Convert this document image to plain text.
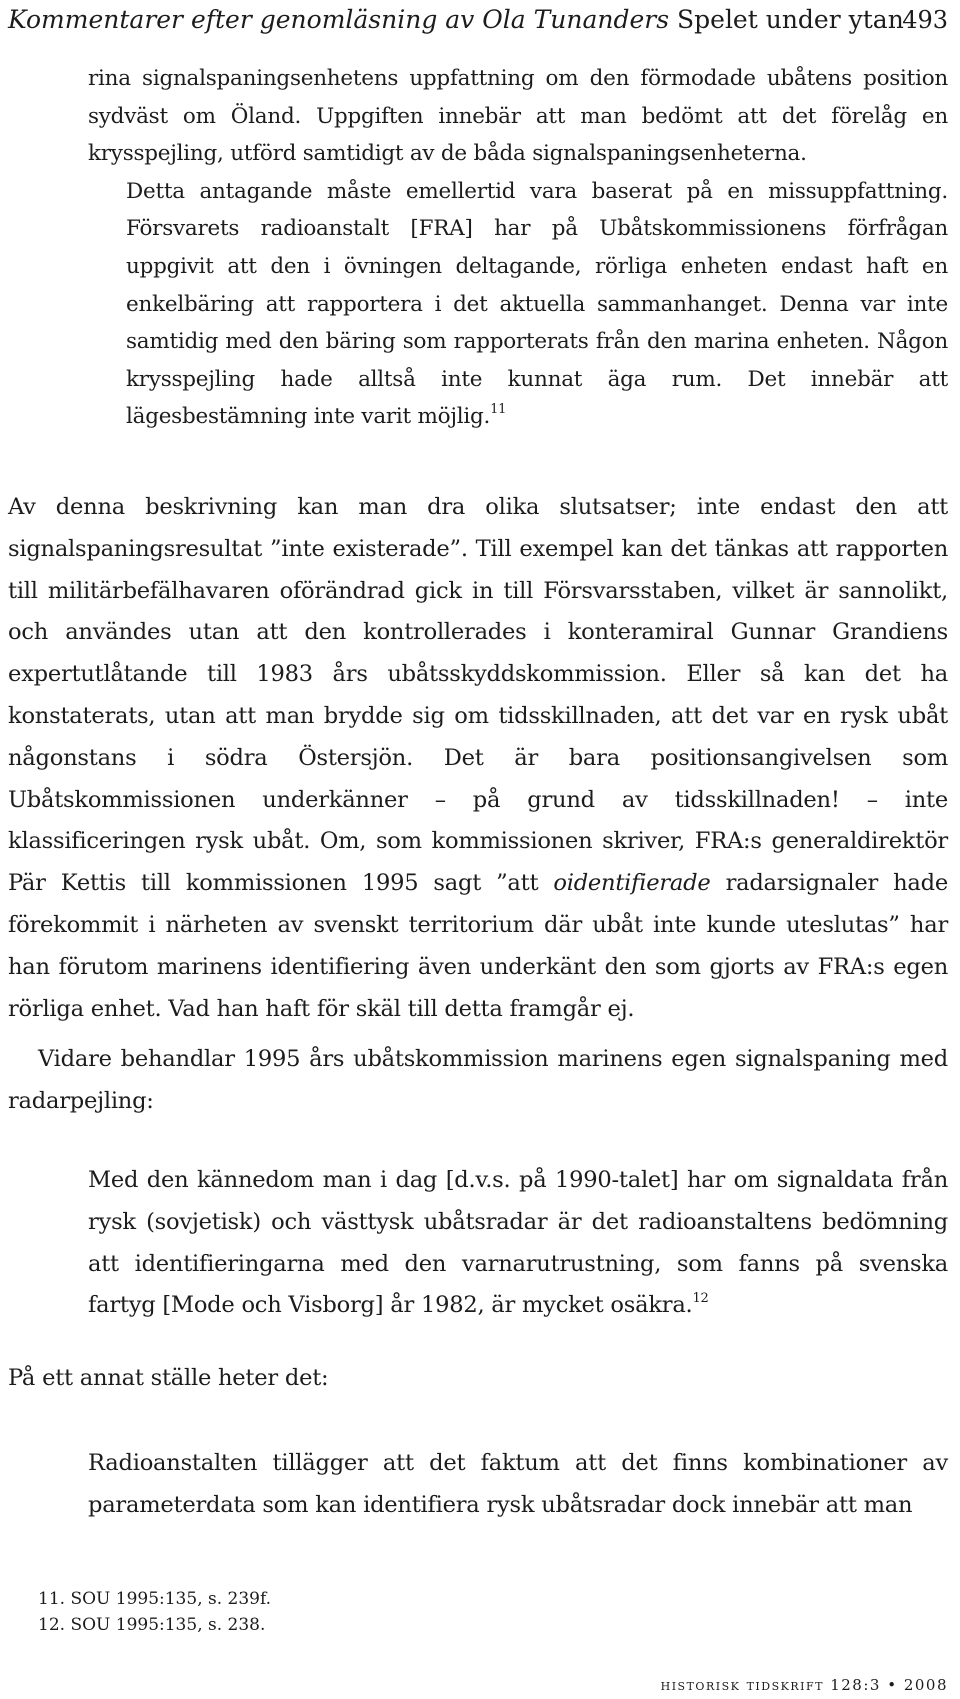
Kommentarer efter genomläsning av Ola Tunanders Spelet under ytan
493
rina signalspaningsenhetens uppfattning om den förmodade ubåtens position sydväst om Öland. Uppgiften innebär att man bedömt att det förelåg en krysspejling, utförd samtidigt av de båda signalspaningsenheterna.
Detta antagande måste emellertid vara baserat på en missuppfattning. Försvarets radioanstalt [FRA] har på Ubåtskommissionens förfrågan uppgivit att den i övningen deltagande, rörliga enheten endast haft en enkelbäring att rapportera i det aktuella sammanhanget. Denna var inte samtidig med den bäring som rapporterats från den marina enheten. Någon krysspejling hade alltså inte kunnat äga rum. Det innebär att lägesbestämning inte varit möjlig.$^{11}$

Av denna beskrivning kan man dra olika slutsatser; inte endast den att signalspaningsresultat ”inte existerade”. Till exempel kan det tänkas att rapporten till militärbefälhavaren oförändrad gick in till Försvarsstaben, vilket är sannolikt, och användes utan att den kontrollerades i konteramiral Gunnar Grandiens expertutlåtande till 1983 års ubåtsskyddskommission. Eller så kan det ha konstaterats, utan att man brydde sig om tidsskillnaden, att det var en rysk ubåt någonstans i södra Östersjön. Det är bara positionsangivelsen som Ubåtskommissionen underkänner – på grund av tidsskillnaden! – inte klassificeringen rysk ubåt. Om, som kommissionen skriver, FRA:s generaldirektör Pär Kettis till kommissionen 1995 sagt ”att oidentifierade radarsignaler hade förekommit i närheten av svenskt territorium där ubåt inte kunde uteslutas” har han förutom marinens identifiering även underkänt den som gjorts av FRA:s egen rörliga enhet. Vad han haft för skäl till detta framgår ej.

Vidare behandlar 1995 års ubåtskommission marinens egen signalspaning med radarpejling:

Med den kännedom man i dag [d.v.s. på 1990-talet] har om signaldata från rysk (sovjetisk) och västtysk ubåtsradar är det radioanstaltens bedömning att identifieringarna med den varnarutrustning, som fanns på svenska fartyg [Mode och Visborg] år 1982, är mycket osäkra.$^{12}$

På ett annat ställe heter det:

Radioanstalten tillägger att det faktum att det finns kombinationer av parameterdata som kan identifiera rysk ubåtsradar dock innebär att man

11. SOU 1995:135, s. 239f.
12. SOU 1995:135, s. 238.
historisk tidskrift 128:3 • 2008
